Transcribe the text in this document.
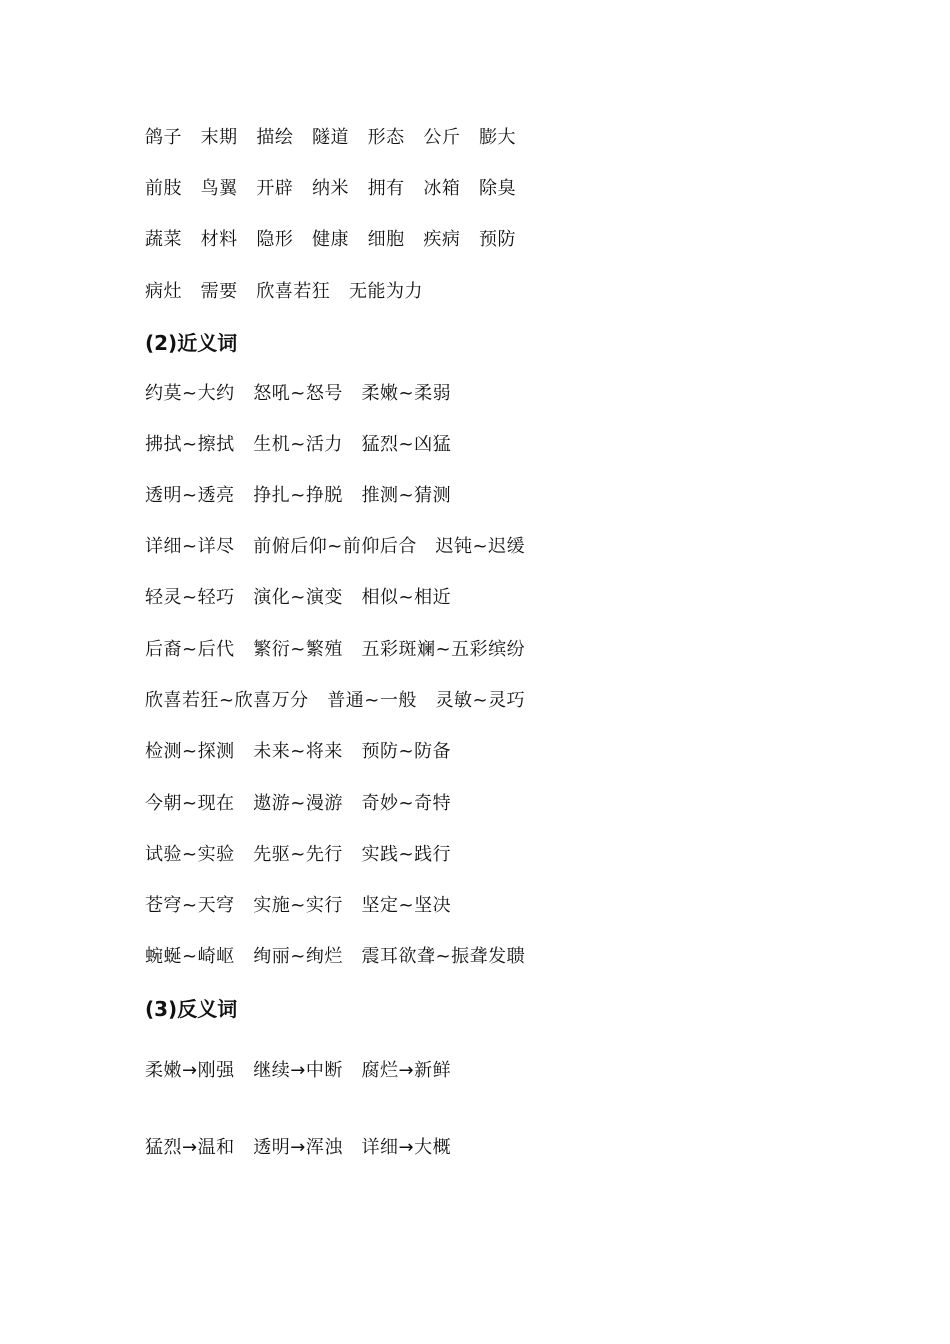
鸽子   末期   描绘   隧道   形态   公斤   膨大
前肢   鸟翼   开辟   纳米   拥有   冰箱   除臭
蔬菜   材料   隐形   健康   细胞   疾病   预防
病灶   需要   欣喜若狂   无能为力
(2)近义词
约莫~大约   怒吼~怒号   柔嫩~柔弱
拂拭~擦拭   生机~活力   猛烈~凶猛
透明~透亮   挣扎~挣脱   推测~猜测
详细~详尽   前俯后仰~前仰后合   迟钝~迟缓
轻灵~轻巧   演化~演变   相似~相近
后裔~后代   繁衍~繁殖   五彩斑斓~五彩缤纷
欣喜若狂~欣喜万分   普通~一般   灵敏~灵巧
检测~探测   未来~将来   预防~防备
今朝~现在   遨游~漫游   奇妙~奇特
试验~实验   先驱~先行   实践~践行
苍穹~天穹   实施~实行   坚定~坚决
蜿蜒~崎岖   绚丽~绚烂   震耳欲聋~振聋发聩
(3)反义词
柔嫩→刚强   继续→中断   腐烂→新鲜
猛烈→温和   透明→浑浊   详细→大概
